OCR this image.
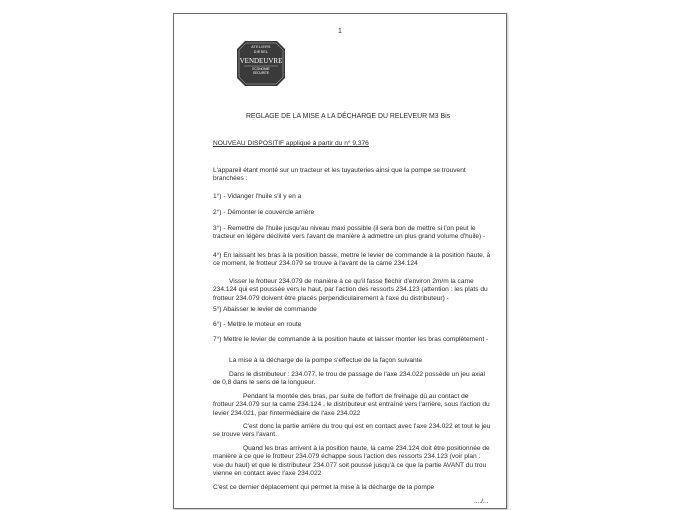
1
ATELIERS
DIESEL
VENDEUVRE
ECONOMIE
SECURITE
REGLAGE DE LA MISE A LA DÉCHARGE DU RELEVEUR M3 Bis
NOUVEAU DISPOSITIF appliqué à partir du n° 9.376

L'appareil étant monté sur un tracteur et les tuyauteries ainsi que la pompe se trouvent branchées :

1°) - Vidanger l'huile s'il y en a

2°) - Démonter le couvercle arrière

3°) - Remettre de l'huile jusqu'au niveau maxi possible (il sera bon de mettre si l'on peut le tracteur en légère déclivité vers l'avant de manière à admettre un plus grand volume d'huile) -

4°) En laissant les bras à la position basse, mettre le levier de commande à la position haute, à ce moment, le frotteur 234.079 se trouve à l'avant de la came 234.124

Visser le frotteur 234.079 de manière à ce qu'il fasse fléchir d'environ 2m/m la came 234.124 qui est poussée vers le haut, par l'action des ressorts 234.123 (attention : les plats du frotteur 234.079 doivent être placés perpendiculairement à l'axe du distributeur) -

5°) Abaisser le levier de commande

6°) - Mettre le moteur en route

7°) Mettre le levier de commande à la position haute et laisser monter les bras complètement -

La mise à la décharge de la pompe s'effectue de la façon suivante

Dans le distributeur : 234.077, le trou de passage de l'axe 234.022 possède un jeu axial de 0,8 dans le sens de la longueur.

Pendant la montée des bras, par suite de l'effort de freinage dû au contact de frotteur 234.079 sur la came 234.124 , le distributeur est entraîné vers l'arrière, sous l'action du levier 234.021, par l'intermédiaire de l'axe 234.022

C'est donc la partie arrière du trou qui est en contact avec l'axe 234.022 et tout le jeu se trouve vers l'avant.

Quand les bras arrivent à la position haute, la came 234.124 doit être positionnée de manière à ce que le frotteur 234.079 échappe sous l'action des ressorts 234.123 (voir plan : vue du haut) et que le distributeur 234.077 soit poussé jusqu'à ce que la partie AVANT du trou vienne en contact avec l'axe 234.022

C'est ce dernier déplacement qui permet la mise à la décharge de la pompe

..../...
